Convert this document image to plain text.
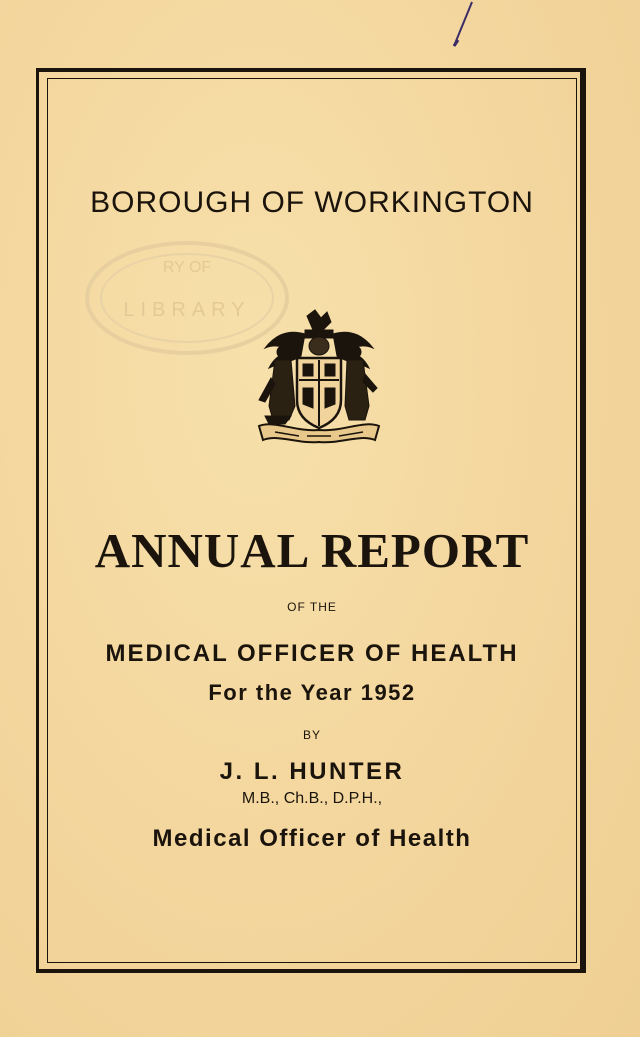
RY OF
LIBRARY
BOROUGH OF WORKINGTON
ANNUAL REPORT
OF THE
MEDICAL OFFICER OF HEALTH
For the Year 1952
BY
J. L. HUNTER
M.B., Ch.B., D.P.H.,
Medical Officer of Health
